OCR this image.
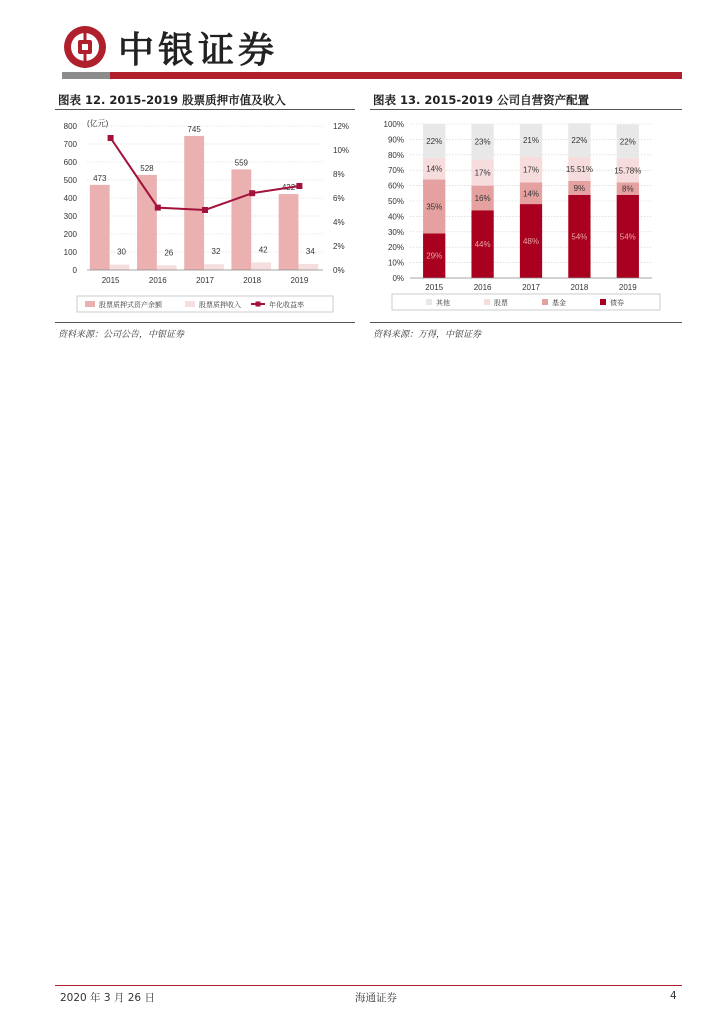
中银证券
图表 12. 2015-2019 股票质押市值及收入
0
100
200
300
400
500
600
700
800
0%
2%
4%
6%
8%
10%
12%
(亿元)
473
30
2015
528
26
2016
745
32
2017
559
42
2018
422
34
2019
股票质押式资产余额	股票质押收入	年化收益率
资料来源：公司公告，中银证券
图表 13. 2015-2019 公司自营资产配置
0%
10%
20%
30%
40%
50%
60%
70%
80%
90%
100%
29%
35%
14%
22%
2015
44%
16%
17%
23%
2016
48%
14%
17%
21%
2017
54%
9%
15.51%
22%
2018
54%
8%
15.78%
22%
2019
其他	股票	基金	债券
资料来源：万得，中银证券
2020 年 3 月 26 日	海通证券	4
